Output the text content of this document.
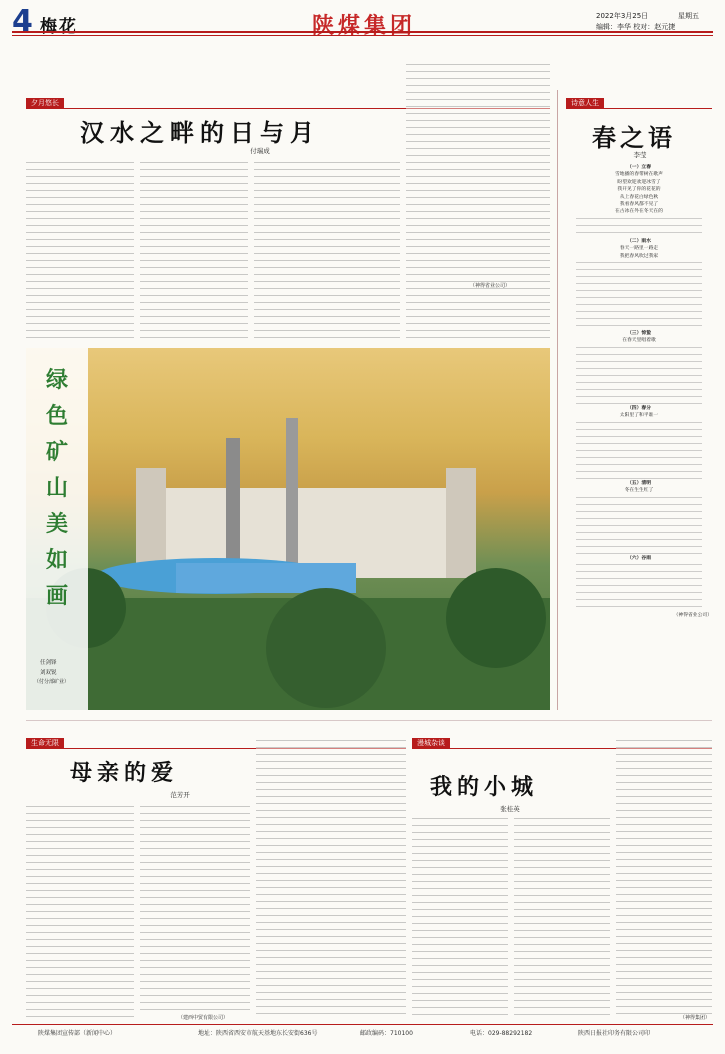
4 梅花	陕煤集团	2022年3月25日	星期五
编辑：李华 校对：赵元捷
夕月悠长
汉水之畔的日与月
付瑞成
（神得省业公司）
绿色矿山美如画
任剑锋
刘双锐
（付分部矿业）
诗意人生
春之语
李莹
（一）立春
雪地播的春带树在歌声
盼望欢迎欢迎冰雪了
我开见了你的花花的
从上春花白绿色秋
我看春风都不见了
在古冰在外在冬天在的
（二）雨水
春天一路里一路走
我把春风吹过我家
（三）惊蛰
在春天里唱着歌
（四）春分
太阳里了和平谁一
（五）清明
冬在生生红了
（六）谷雨
（神得省业公司）
生命无限
母亲的爱
范芳开
（建西中贸有限公司）
漫城杂谈
我的小城
张桂英
（神得集团）
陕煤集团宣传部（新闻中心）	地址：陕西省西安市航天基地东长安街636号	邮政编码：710100	电话：029-88292182	陕西日报社印务有限公司印
